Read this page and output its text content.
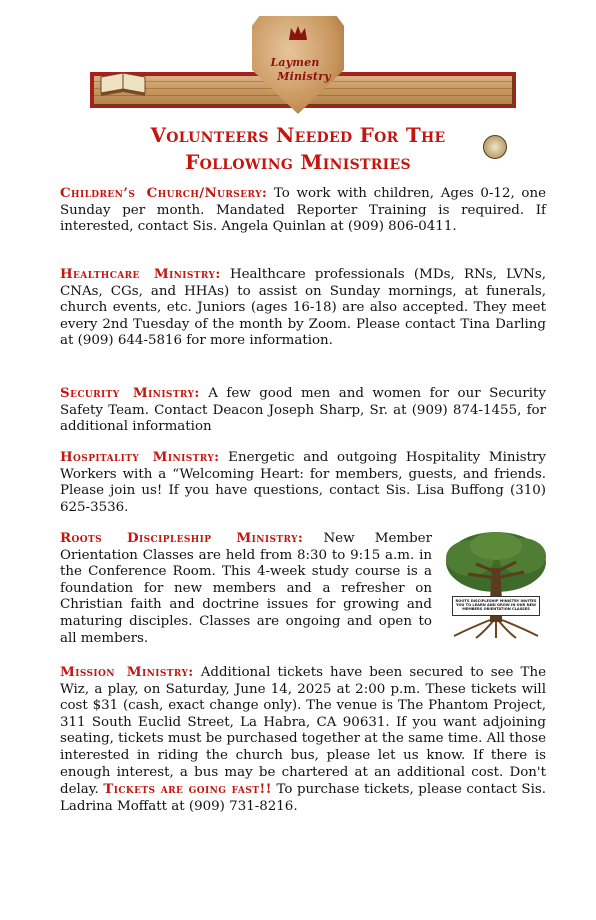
Laymen
Ministry
Volunteers Needed For The
Following Ministries

Children’s Church/Nursery: To work with children, Ages 0-12, one Sunday per month. Mandated Reporter Training is required. If interested, contact Sis. Angela Quinlan at (909) 806-0411.

Healthcare Ministry: Healthcare professionals (MDs, RNs, LVNs, CNAs, CGs, and HHAs) to assist on Sunday mornings, at funerals, church events, etc. Juniors (ages 16-18) are also accepted. They meet every 2nd Tuesday of the month by Zoom. Please contact Tina Darling at (909) 644-5816 for more information.

Security Ministry: A few good men and women for our Security Safety Team. Contact Deacon Joseph Sharp, Sr. at (909) 874-1455, for additional information

Hospitality Ministry: Energetic and outgoing Hospitality Ministry Workers with a “Welcoming Heart: for members, guests, and friends. Please join us! If you have questions, contact Sis. Lisa Buffong (310) 625-3536.

Roots Discipleship Ministry: New Member Orientation Classes are held from 8:30 to 9:15 a.m. in the Conference Room. This 4-week study course is a foundation for new members and a refresher on Christian faith and doctrine issues for growing and maturing disciples. Classes are ongoing and open to all members.

ROOTS DISCIPLESHIP MINISTRY INVITES YOU TO LEARN AND GROW IN OUR NEW MEMBERS ORIENTATION CLASSES

Mission Ministry: Additional tickets have been secured to see The Wiz, a play, on Saturday, June 14, 2025 at 2:00 p.m. These tickets will cost $31 (cash, exact change only). The venue is The Phantom Project, 311 South Euclid Street, La Habra, CA 90631. If you want adjoining seating, tickets must be purchased together at the same time. All those interested in riding the church bus, please let us know. If there is enough interest, a bus may be chartered at an additional cost. Don't delay. Tickets are going fast!! To purchase tickets, please contact Sis. Ladrina Moffatt at (909) 731-8216.
